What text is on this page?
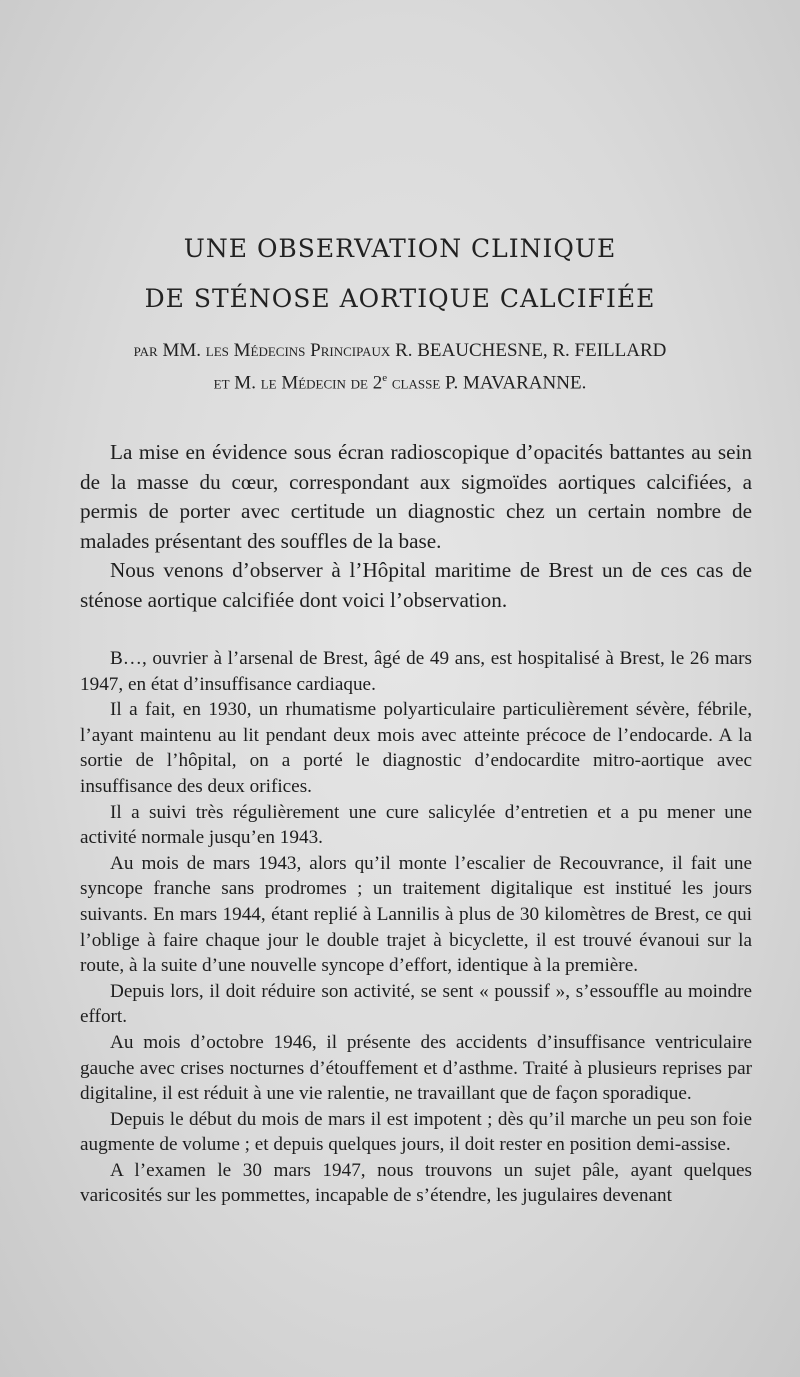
UNE OBSERVATION CLINIQUE
DE STÉNOSE AORTIQUE CALCIFIÉE
par MM. les Médecins Principaux R. BEAUCHESNE, R. FEILLARD
et M. le Médecin de 2e classe P. MAVARANNE.

La mise en évidence sous écran radioscopique d’opacités battantes au sein de la masse du cœur, correspondant aux sigmoïdes aortiques calcifiées, a permis de porter avec certitude un diagnostic chez un certain nombre de malades présentant des souffles de la base.

Nous venons d’observer à l’Hôpital maritime de Brest un de ces cas de sténose aortique calcifiée dont voici l’observation.

B…, ouvrier à l’arsenal de Brest, âgé de 49 ans, est hospitalisé à Brest, le 26 mars 1947, en état d’insuffisance cardiaque.

Il a fait, en 1930, un rhumatisme polyarticulaire particulièrement sévère, fébrile, l’ayant maintenu au lit pendant deux mois avec atteinte précoce de l’endocarde. A la sortie de l’hôpital, on a porté le diagnostic d’endocardite mitro-aortique avec insuffisance des deux orifices.

Il a suivi très régulièrement une cure salicylée d’entretien et a pu mener une activité normale jusqu’en 1943.

Au mois de mars 1943, alors qu’il monte l’escalier de Recouvrance, il fait une syncope franche sans prodromes ; un traitement digitalique est institué les jours suivants. En mars 1944, étant replié à Lannilis à plus de 30 kilomètres de Brest, ce qui l’oblige à faire chaque jour le double trajet à bicyclette, il est trouvé évanoui sur la route, à la suite d’une nouvelle syncope d’effort, identique à la première.

Depuis lors, il doit réduire son activité, se sent « poussif », s’essouffle au moindre effort.

Au mois d’octobre 1946, il présente des accidents d’insuffisance ventriculaire gauche avec crises nocturnes d’étouffement et d’asthme. Traité à plusieurs reprises par digitaline, il est réduit à une vie ralentie, ne travaillant que de façon sporadique.

Depuis le début du mois de mars il est impotent ; dès qu’il marche un peu son foie augmente de volume ; et depuis quelques jours, il doit rester en position demi-assise.

A l’examen le 30 mars 1947, nous trouvons un sujet pâle, ayant quelques varicosités sur les pommettes, incapable de s’étendre, les jugulaires devenant
